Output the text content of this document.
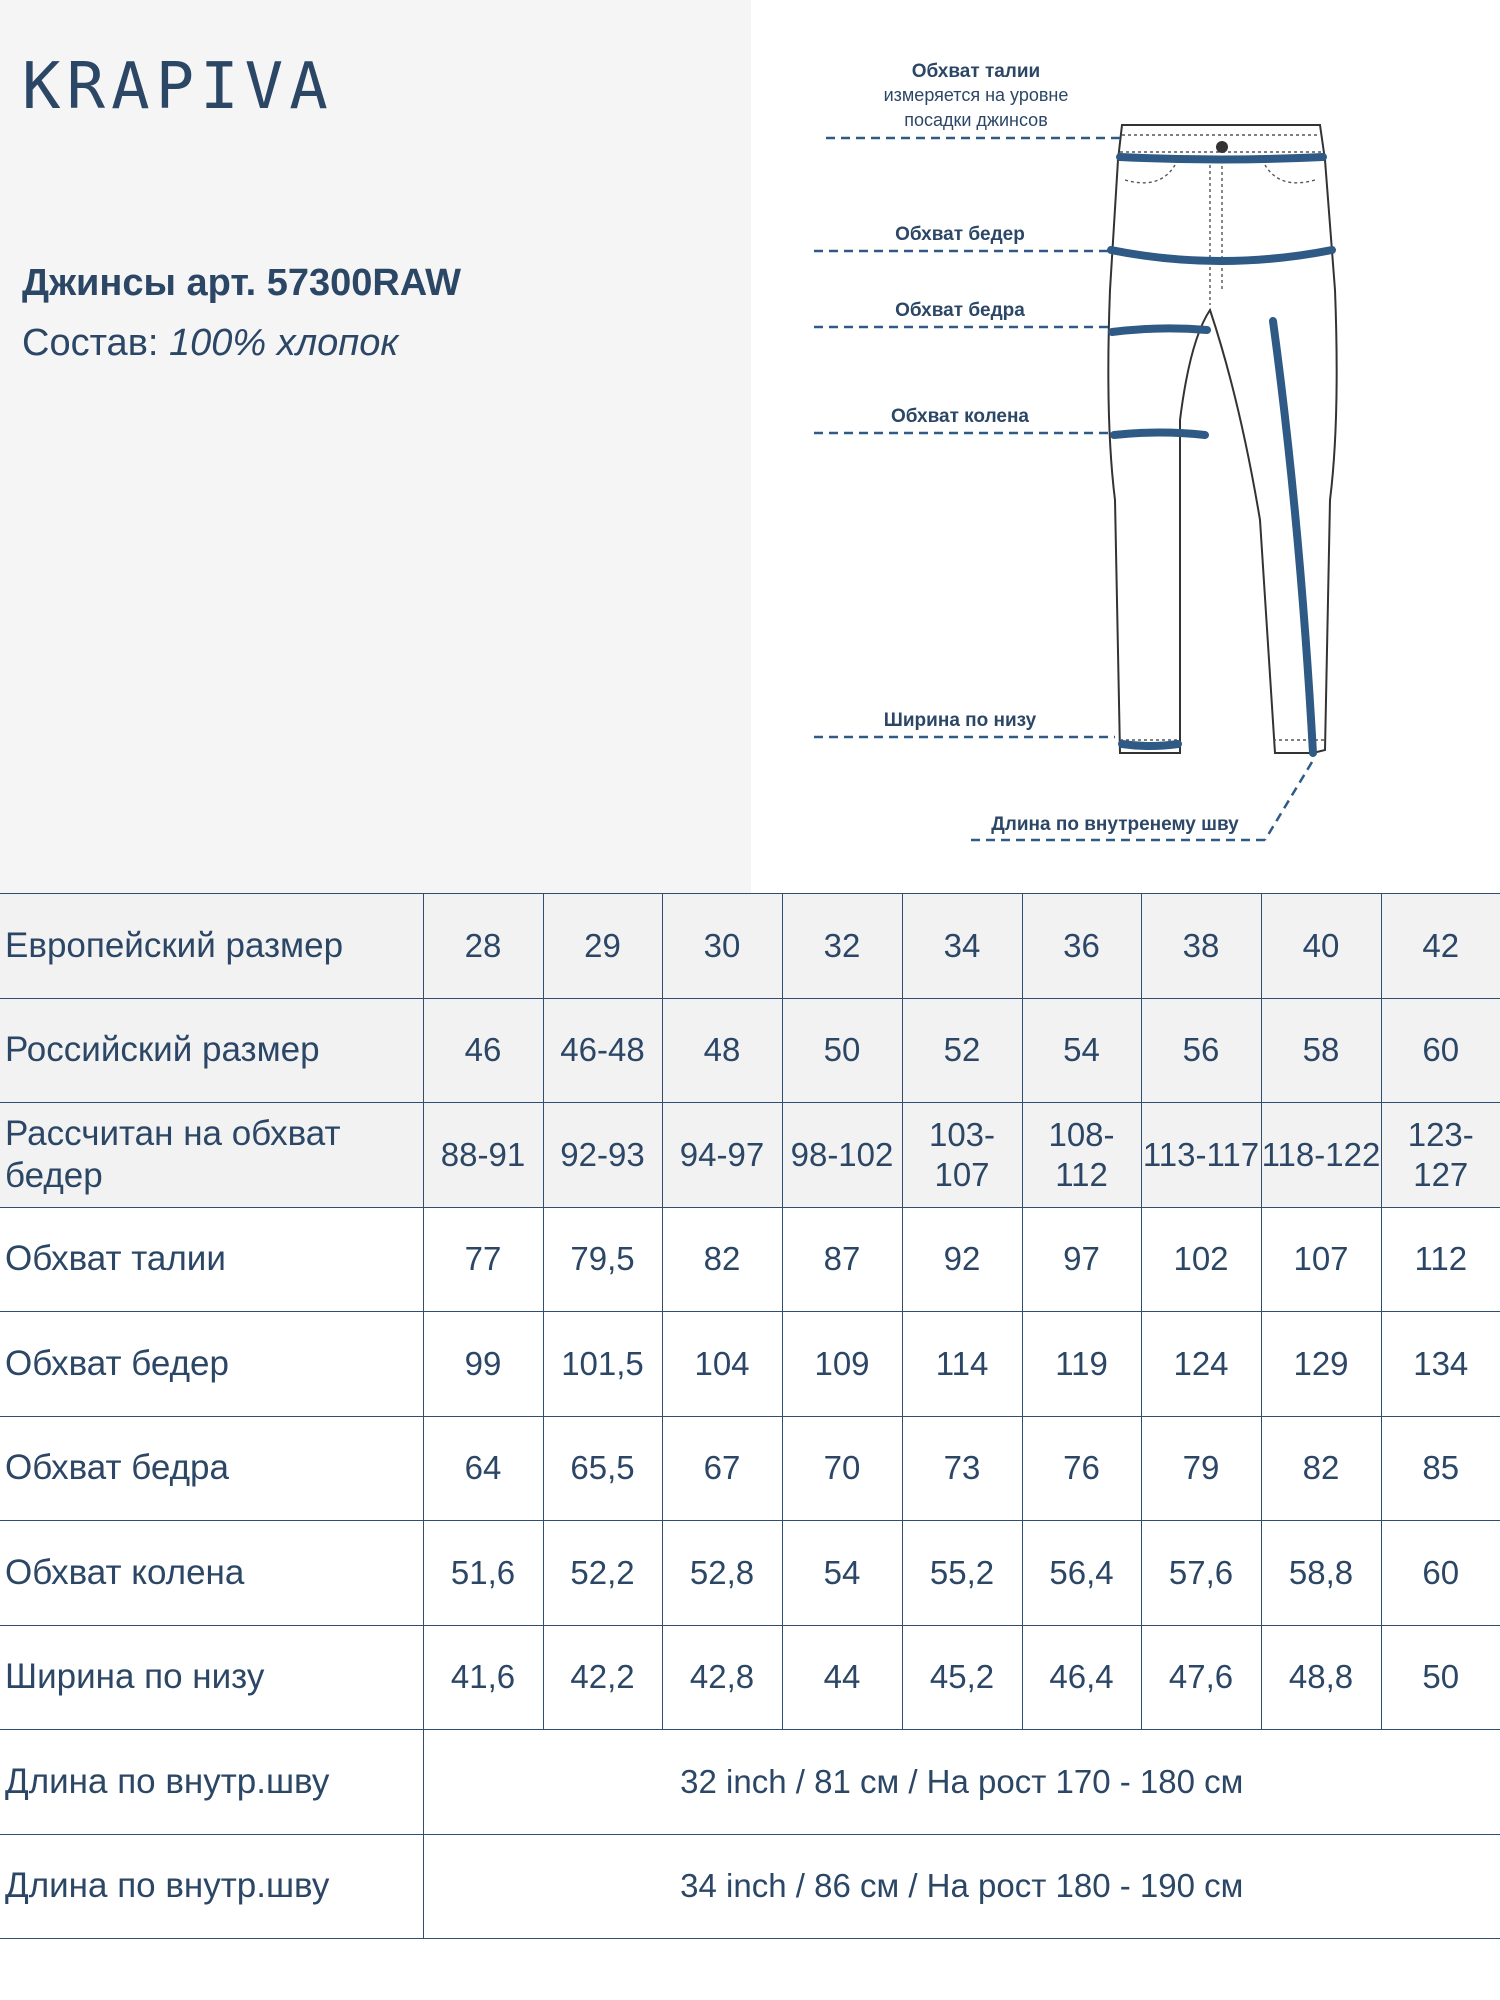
KRAPIVA
Джинсы арт. 57300RAW
Состав: 100% хлопок
Обхват талии
измеряется на уровне
посадки джинсов
Обхват бедер
Обхват бедра
Обхват колена
Ширина по низу
Длина по внутренему шву
Европейский размер	28	29	30	32	34	36	38	40	42
Российский размер	46	46-48	48	50	52	54	56	58	60
Рассчитан на обхват бедер	88-91	92-93	94-97	98-102	103-107	108-112	113-117	118-122	123-127
Обхват талии	77	79,5	82	87	92	97	102	107	112
Обхват бедер	99	101,5	104	109	114	119	124	129	134
Обхват бедра	64	65,5	67	70	73	76	79	82	85
Обхват колена	51,6	52,2	52,8	54	55,2	56,4	57,6	58,8	60
Ширина по низу	41,6	42,2	42,8	44	45,2	46,4	47,6	48,8	50
Длина по внутр.шву	32 inch / 81 см / На рост 170 - 180 см								
Длина по внутр.шву	34 inch / 86 см / На рост 180 - 190 см								
